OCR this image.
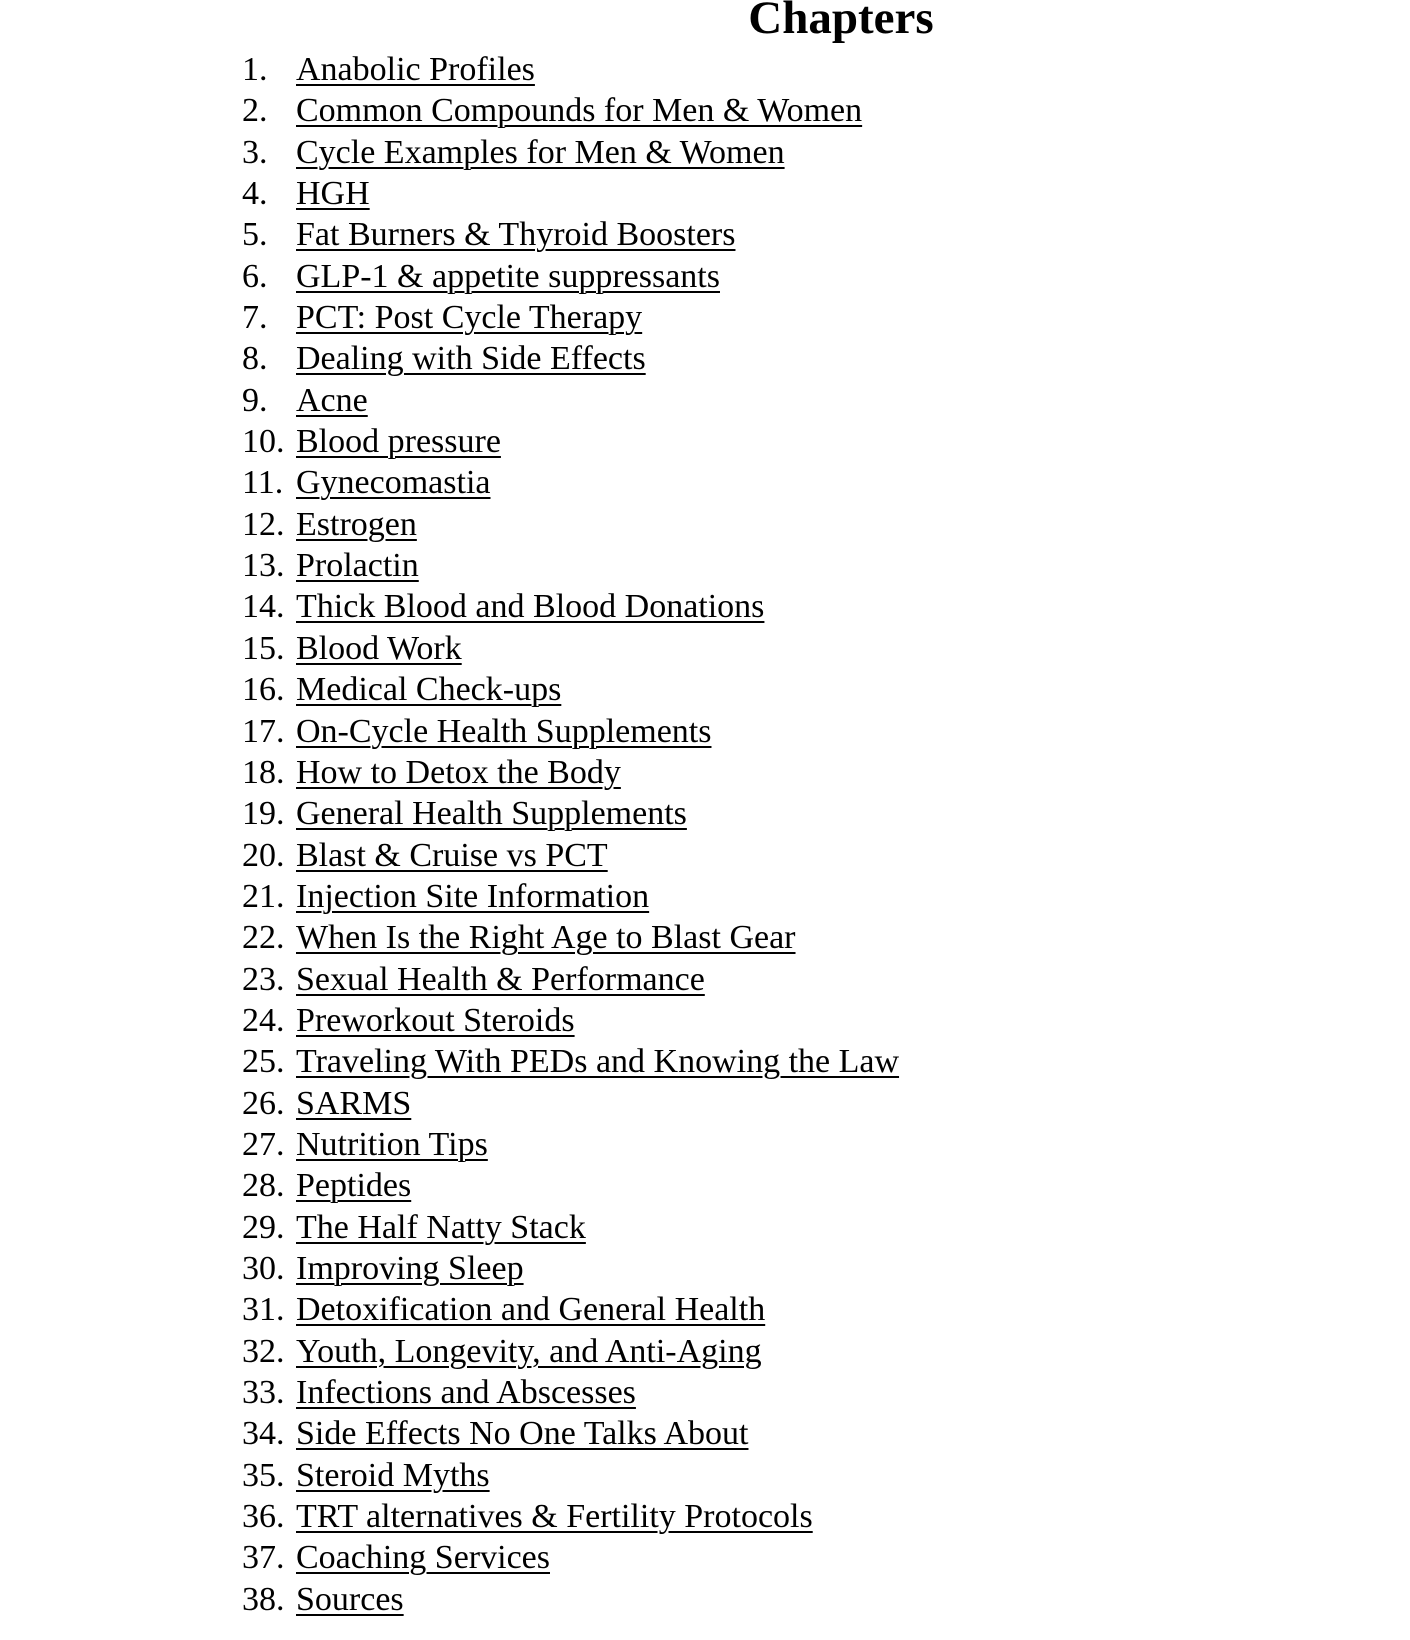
Chapters
1. Anabolic Profiles
2. Common Compounds for Men & Women
3. Cycle Examples for Men & Women
4. HGH
5. Fat Burners & Thyroid Boosters
6. GLP-1 & appetite suppressants
7. PCT: Post Cycle Therapy
8. Dealing with Side Effects
9. Acne
10. Blood pressure
11. Gynecomastia
12. Estrogen
13. Prolactin
14. Thick Blood and Blood Donations
15. Blood Work
16. Medical Check-ups
17. On-Cycle Health Supplements
18. How to Detox the Body
19. General Health Supplements
20. Blast & Cruise vs PCT
21. Injection Site Information
22. When Is the Right Age to Blast Gear
23. Sexual Health & Performance
24. Preworkout Steroids
25. Traveling With PEDs and Knowing the Law
26. SARMS
27. Nutrition Tips
28. Peptides
29. The Half Natty Stack
30. Improving Sleep
31. Detoxification and General Health
32. Youth, Longevity, and Anti-Aging
33. Infections and Abscesses
34. Side Effects No One Talks About
35. Steroid Myths
36. TRT alternatives & Fertility Protocols
37. Coaching Services
38. Sources
